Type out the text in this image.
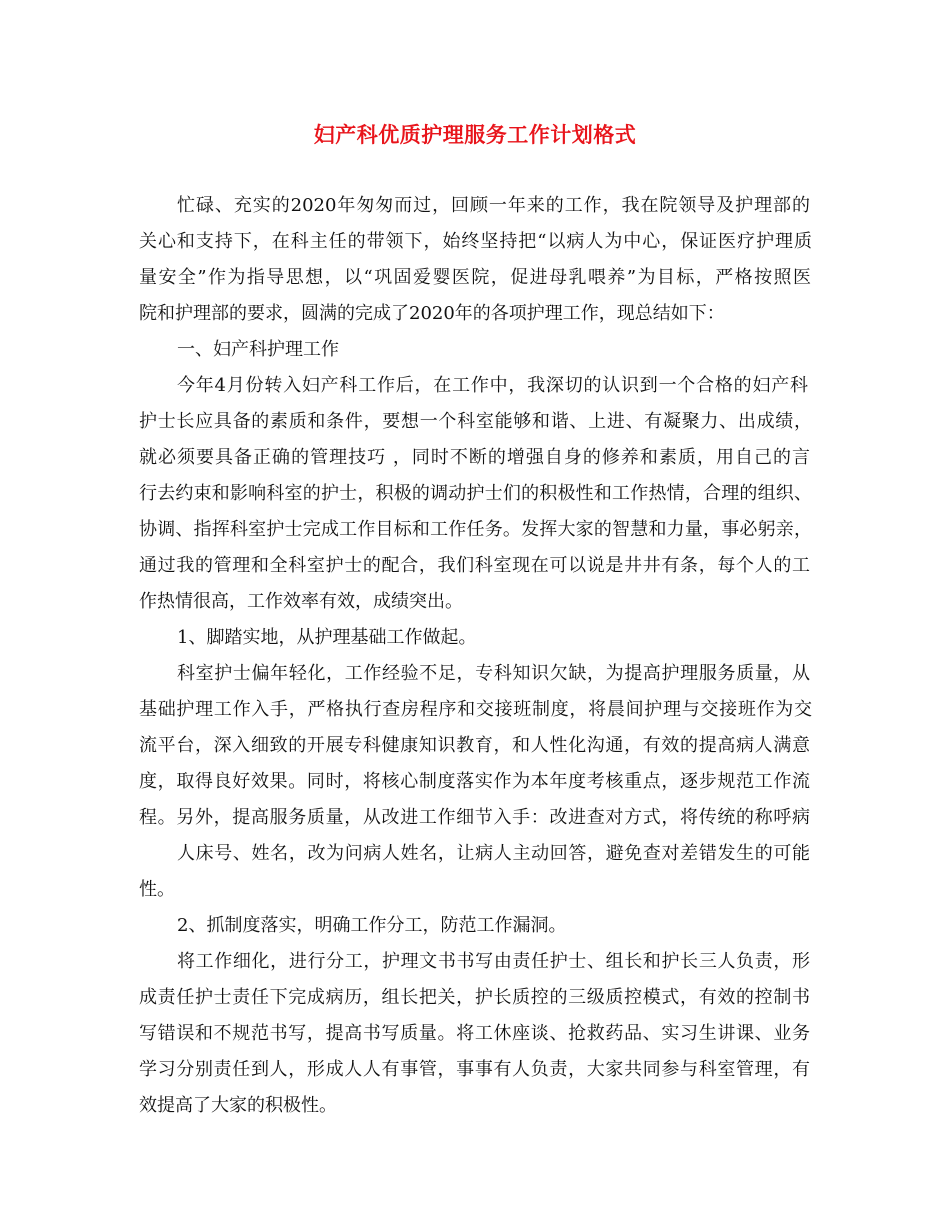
妇产科优质护理服务工作计划格式

忙碌、充实的2020年匆匆而过，回顾一年来的工作，我在院领导及护理部的

关心和支持下，在科主任的带领下，始终坚持把“以病人为中心，保证医疗护理质

量安全”作为指导思想，以“巩固爱婴医院，促进母乳喂养”为目标，严格按照医

院和护理部的要求，圆满的完成了2020年的各项护理工作，现总结如下：

一、妇产科护理工作

今年4月份转入妇产科工作后，在工作中，我深切的认识到一个合格的妇产科

护士长应具备的素质和条件，要想一个科室能够和谐、上进、有凝聚力、出成绩，

就必须要具备正确的管理技巧 ，同时不断的增强自身的修养和素质，用自己的言

行去约束和影响科室的护士，积极的调动护士们的积极性和工作热情，合理的组织、

协调、指挥科室护士完成工作目标和工作任务。发挥大家的智慧和力量，事必躬亲，

通过我的管理和全科室护士的配合，我们科室现在可以说是井井有条，每个人的工

作热情很高，工作效率有效，成绩突出。

1、脚踏实地，从护理基础工作做起。

科室护士偏年轻化，工作经验不足，专科知识欠缺，为提高护理服务质量，从

基础护理工作入手，严格执行查房程序和交接班制度，将晨间护理与交接班作为交

流平台，深入细致的开展专科健康知识教育，和人性化沟通，有效的提高病人满意

度，取得良好效果。同时，将核心制度落实作为本年度考核重点，逐步规范工作流

程。另外，提高服务质量，从改进工作细节入手：改进查对方式，将传统的称呼病

人床号、姓名，改为问病人姓名，让病人主动回答，避免查对差错发生的可能

性。

2、抓制度落实，明确工作分工，防范工作漏洞。

将工作细化，进行分工，护理文书书写由责任护士、组长和护长三人负责，形

成责任护士责任下完成病历，组长把关，护长质控的三级质控模式，有效的控制书

写错误和不规范书写，提高书写质量。将工休座谈、抢救药品、实习生讲课、业务

学习分别责任到人，形成人人有事管，事事有人负责，大家共同参与科室管理，有

效提高了大家的积极性。
